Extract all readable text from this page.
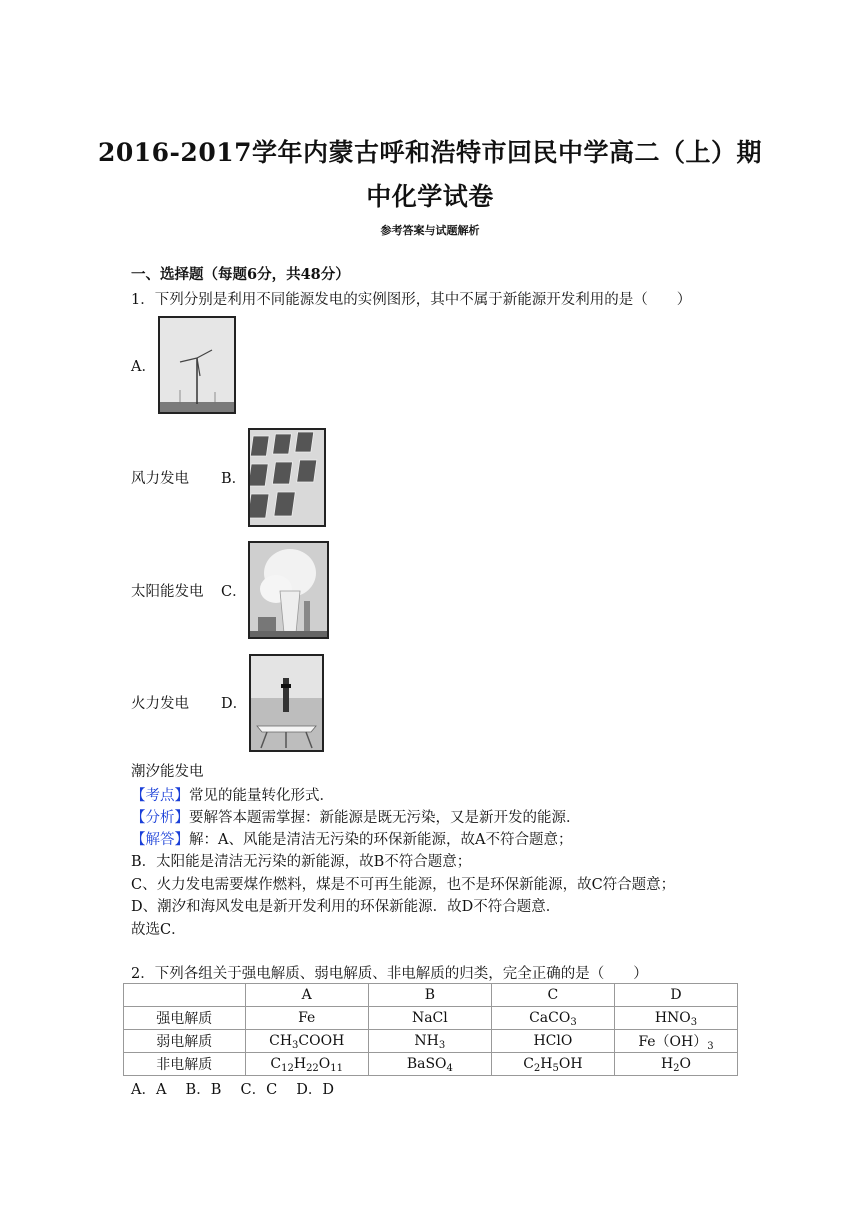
2016-2017学年内蒙古呼和浩特市回民中学高二（上）期
中化学试卷
参考答案与试题解析
一、选择题（每题6分，共48分）
1．下列分别是利用不同能源发电的实例图形，其中不属于新能源开发利用的是（　　）
A．
风力发电 B．
太阳能发电 C．
火力发电 D．
潮汐能发电
【考点】常见的能量转化形式．
【分析】要解答本题需掌握：新能源是既无污染，又是新开发的能源．
【解答】解：A、风能是清洁无污染的环保新能源，故A不符合题意；
B．太阳能是清洁无污染的新能源，故B不符合题意；
C、火力发电需要煤作燃料，煤是不可再生能源，也不是环保新能源，故C符合题意；
D、潮汐和海风发电是新开发利用的环保新能源．故D不符合题意．
故选C．
2．下列各组关于强电解质、弱电解质、非电解质的归类，完全正确的是（　　）
	A	B	C	D
强电解质	Fe	NaCl	CaCO$_3$	$HNO_3$
弱电解质	$CH_3COOH$	$NH_3$	HClO	$Fe(OH)_3$
非电解质	$C_{12}H_{22}O_{11}$	BaSO$_4$	$C_2H_5OH$	$H_2O$
A．A　 B．B　 C．C　 D．D
